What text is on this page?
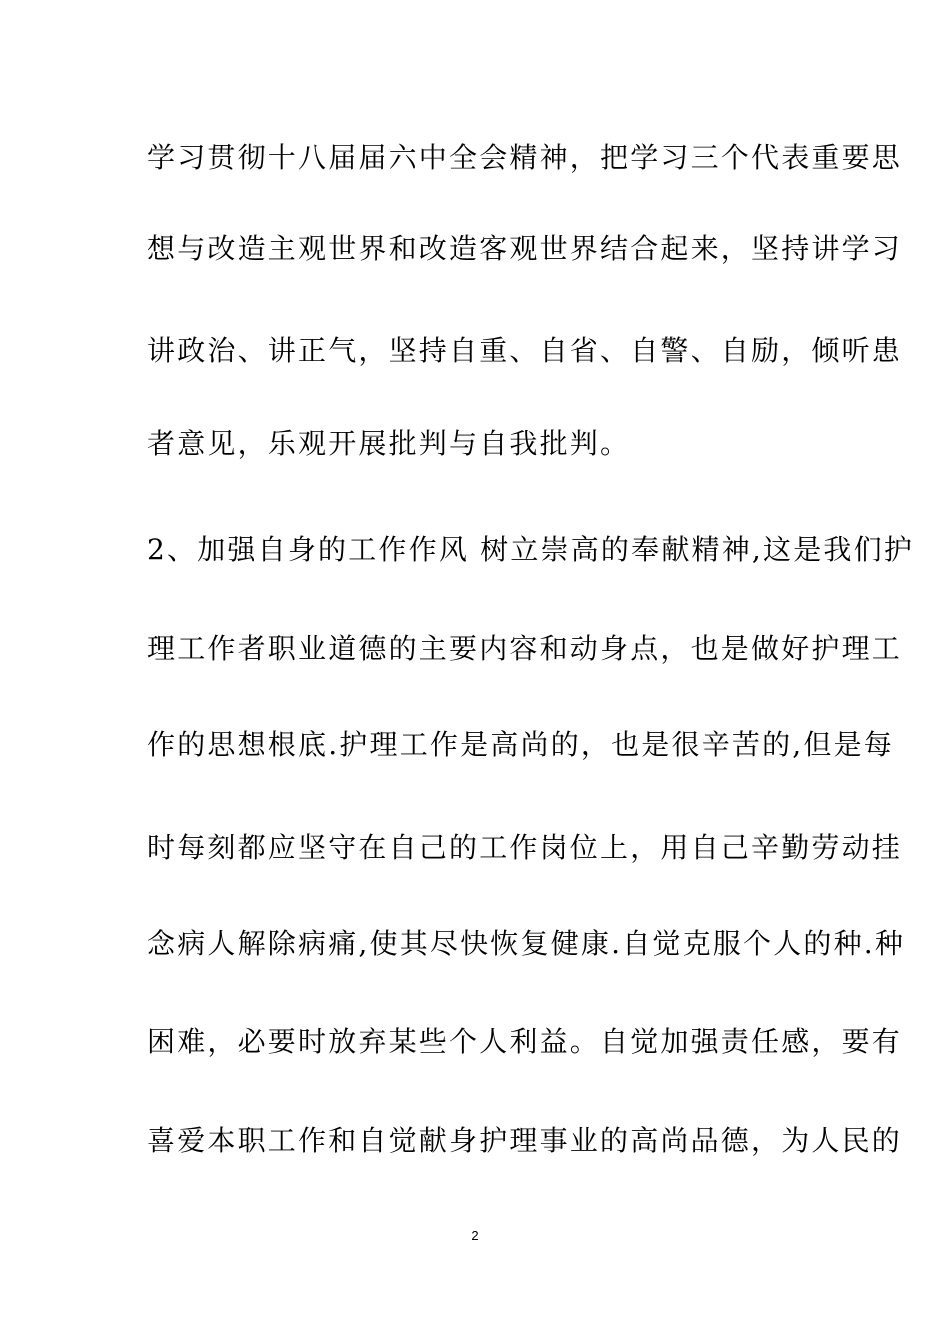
学习贯彻十八届届六中全会精神，把学习三个代表重要思
想与改造主观世界和改造客观世界结合起来，坚持讲学习
讲政治、讲正气，坚持自重、自省、自警、自励，倾听患
者意见，乐观开展批判与自我批判。
2、加强自身的工作作风 树立崇高的奉献精神,这是我们护
理工作者职业道德的主要内容和动身点，也是做好护理工
作的思想根底.护理工作是高尚的，也是很辛苦的,但是每
时每刻都应坚守在自己的工作岗位上，用自己辛勤劳动挂
念病人解除病痛,使其尽快恢复健康.自觉克服个人的种.种
困难，必要时放弃某些个人利益。自觉加强责任感，要有
喜爱本职工作和自觉献身护理事业的高尚品德，为人民的
2
